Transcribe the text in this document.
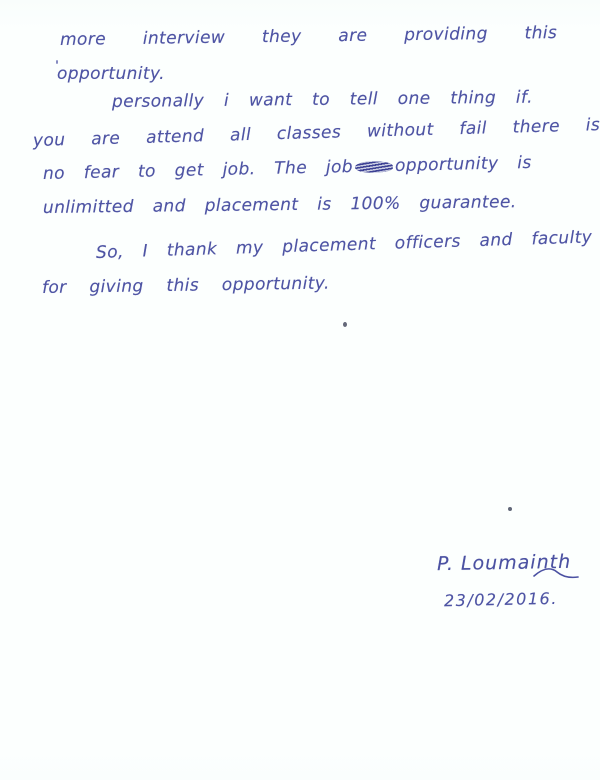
more interview they are providing this
opportunity.
personally i want to tell one thing if.
you are attend all classes without fail there is
no fear to get job. The job opportunity is
unlimitted and placement is 100% guarantee.
So, I thank my placement officers and faculty
for giving this opportunity.
P. Loumainth
23/02/2016.
